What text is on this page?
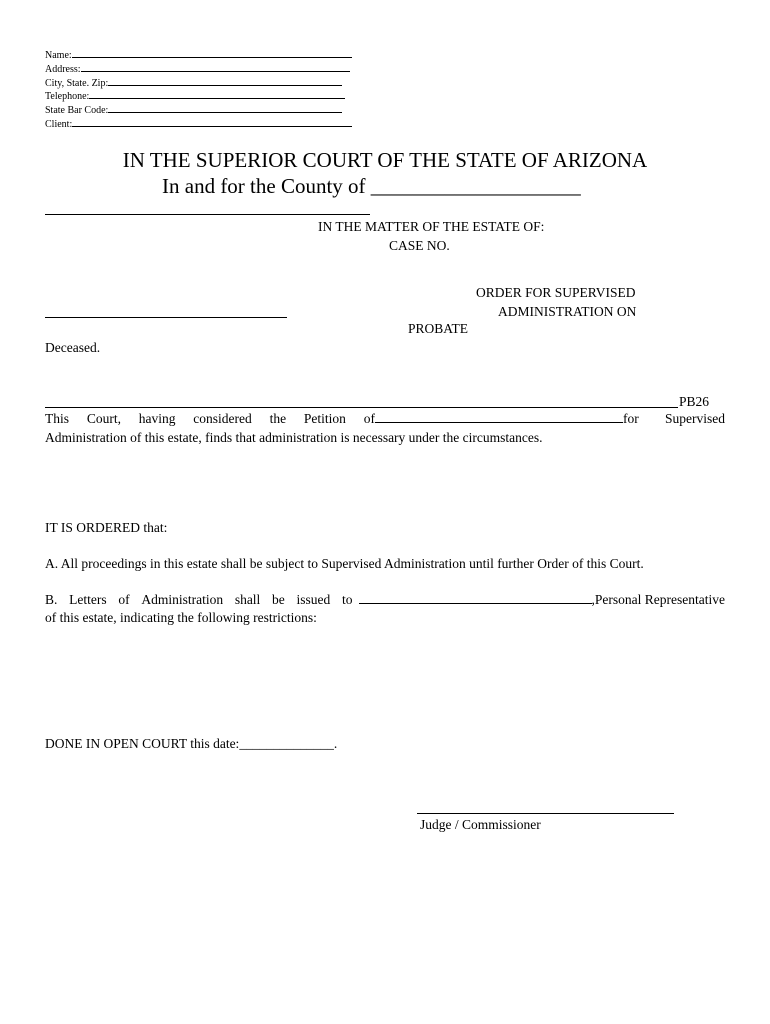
Name:
Address:
City, State. Zip:
Telephone:
State Bar Code:
Client:
IN THE SUPERIOR COURT OF THE STATE OF ARIZONA
In and for the County of ____________________
IN THE MATTER OF THE ESTATE OF:
CASE NO.
ORDER FOR SUPERVISED
ADMINISTRATION ON
PROBATE
Deceased.
PB26
This Court, having considered the Petition of	for Supervised
Administration of this estate, finds that administration is necessary under the circumstances.
IT IS ORDERED that:
A. All proceedings in this estate shall be subject to Supervised Administration until further Order of this Court.
B. Letters of Administration shall be issued to	,Personal Representative
of this estate, indicating the following restrictions:
DONE IN OPEN COURT this date:______________.
Judge / Commissioner
